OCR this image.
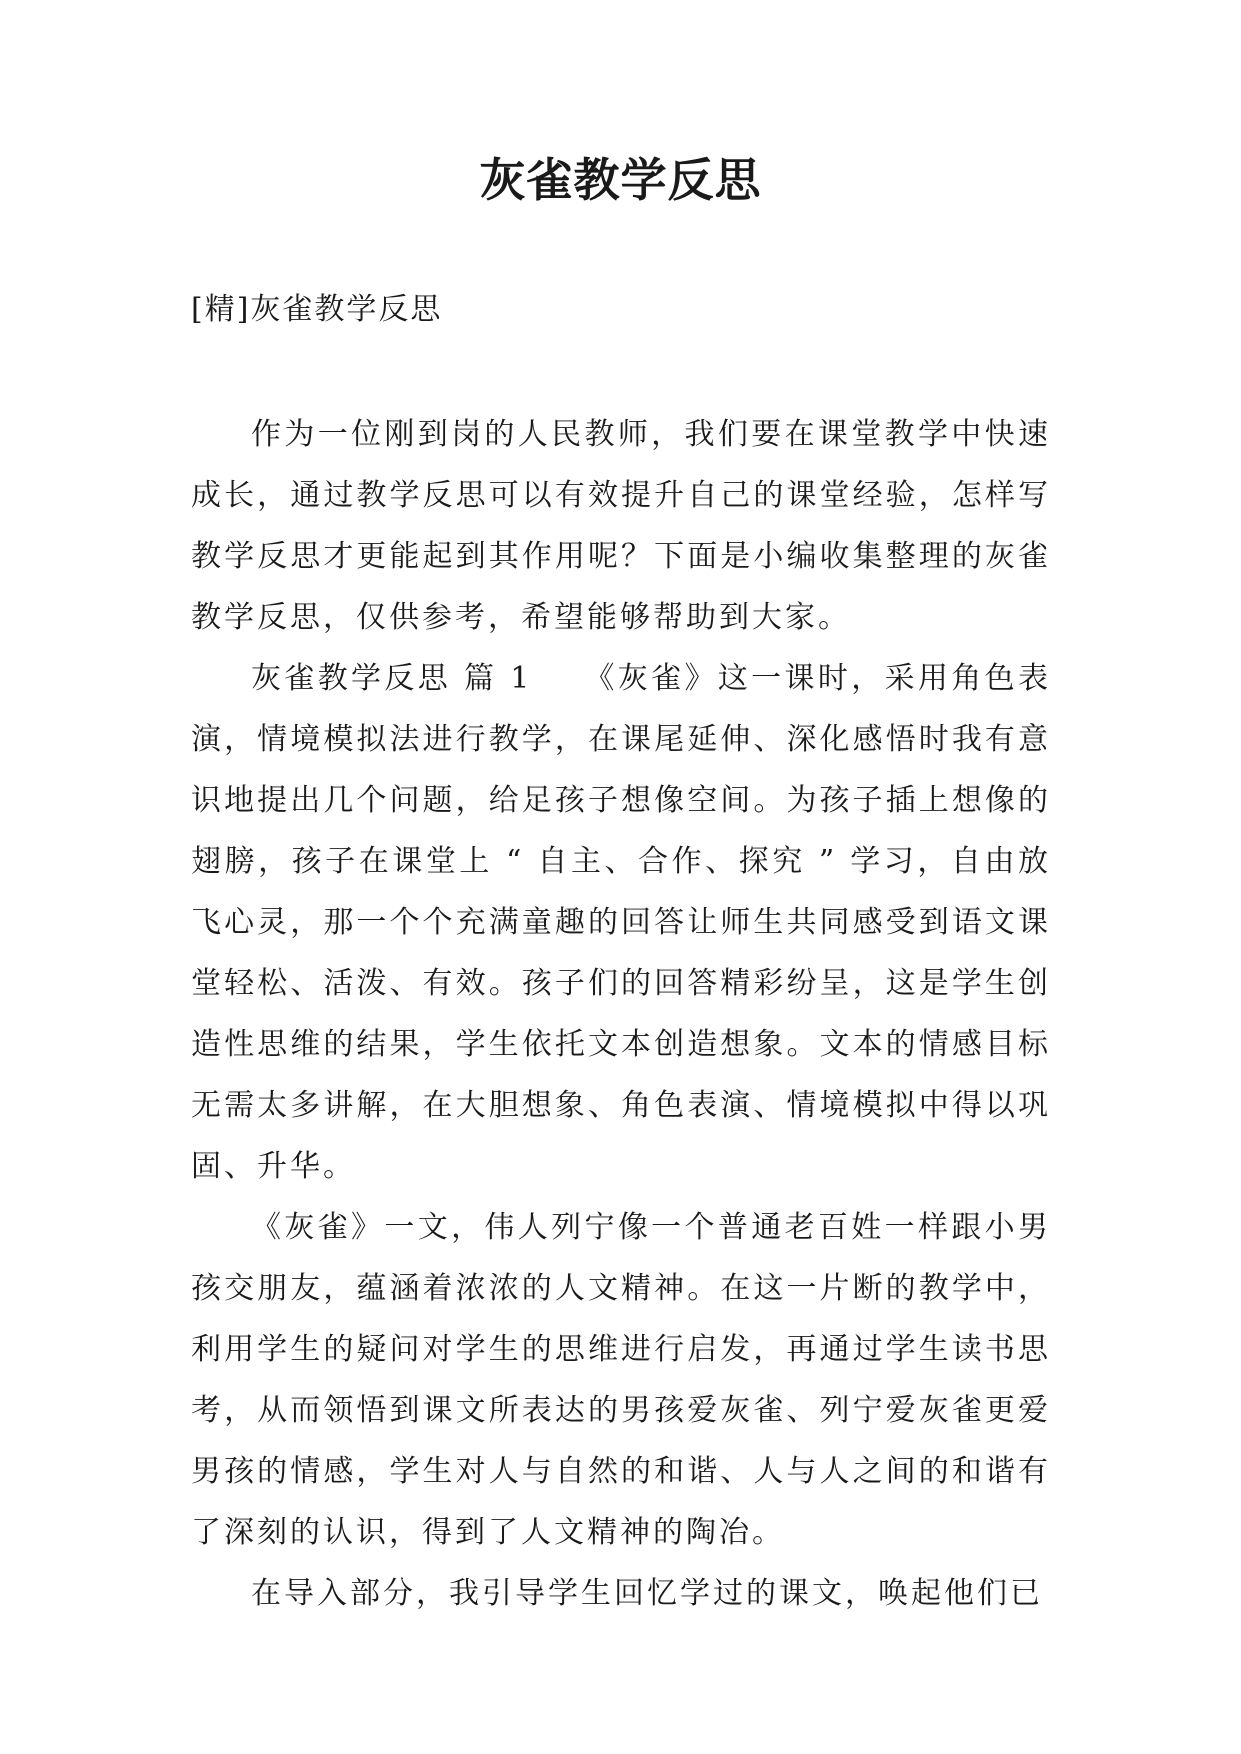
灰雀教学反思
[精]灰雀教学反思

作为一位刚到岗的人民教师，我们要在课堂教学中快速成长，通过教学反思可以有效提升自己的课堂经验，怎样写教学反思才更能起到其作用呢？下面是小编收集整理的灰雀教学反思，仅供参考，希望能够帮助到大家。

灰雀教学反思 篇 1　　《灰雀》这一课时，采用角色表演，情境模拟法进行教学，在课尾延伸、深化感悟时我有意识地提出几个问题，给足孩子想像空间。为孩子插上想像的翅膀，孩子在课堂上 “ 自主、合作、探究 ” 学习，自由放飞心灵，那一个个充满童趣的回答让师生共同感受到语文课堂轻松、活泼、有效。孩子们的回答精彩纷呈，这是学生创造性思维的结果，学生依托文本创造想象。文本的情感目标无需太多讲解，在大胆想象、角色表演、情境模拟中得以巩固、升华。

《灰雀》一文，伟人列宁像一个普通老百姓一样跟小男孩交朋友，蕴涵着浓浓的人文精神。在这一片断的教学中，利用学生的疑问对学生的思维进行启发，再通过学生读书思考，从而领悟到课文所表达的男孩爱灰雀、列宁爱灰雀更爱男孩的情感，学生对人与自然的和谐、人与人之间的和谐有了深刻的认识，得到了人文精神的陶冶。

在导入部分，我引导学生回忆学过的课文，唤起他们已
